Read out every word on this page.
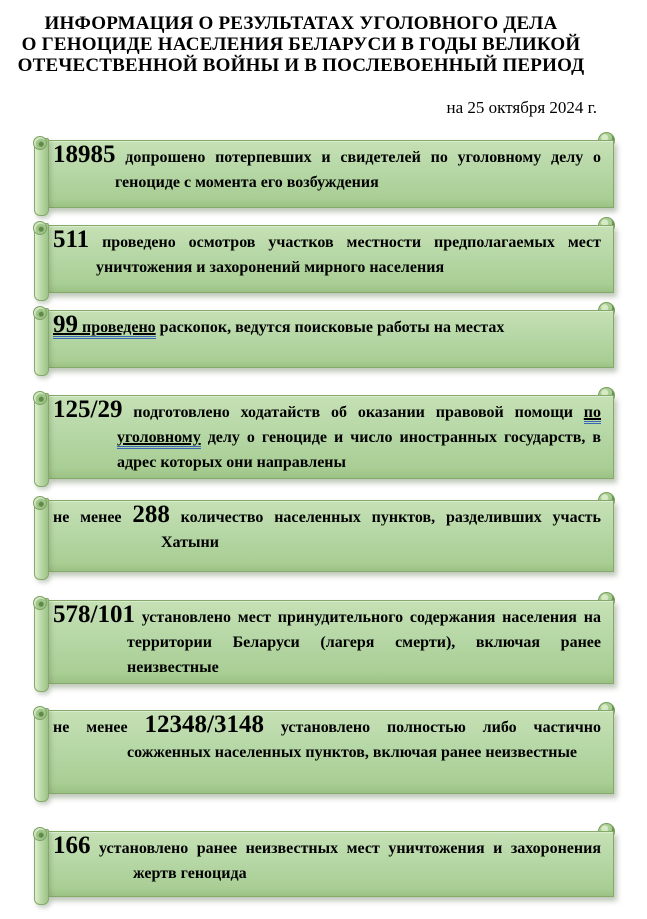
ИНФОРМАЦИЯ О РЕЗУЛЬТАТАХ УГОЛОВНОГО ДЕЛА
О ГЕНОЦИДЕ НАСЕЛЕНИЯ БЕЛАРУСИ В ГОДЫ ВЕЛИКОЙ
ОТЕЧЕСТВЕННОЙ ВОЙНЫ И В ПОСЛЕВОЕННЫЙ ПЕРИОД
на 25 октября 2024 г.

18985 допрошено потерпевших и свидетелей по уголовному делу о геноциде с момента его возбуждения

511 проведено осмотров участков местности предполагаемых мест уничтожения и захоронений мирного населения

99 проведено раскопок, ведутся поисковые работы на местах

125/29 подготовлено ходатайств об оказании правовой помощи по уголовному делу о геноциде и число иностранных государств, в адрес которых они направлены

не менее 288 количество населенных пунктов, разделивших участь Хатыни

578/101 установлено мест принудительного содержания населения на территории Беларуси (лагеря смерти), включая ранее неизвестные

не менее 12348/3148 установлено полностью либо частично сожженных населенных пунктов, включая ранее неизвестные

166 установлено ранее неизвестных мест уничтожения и захоронения жертв геноцида
